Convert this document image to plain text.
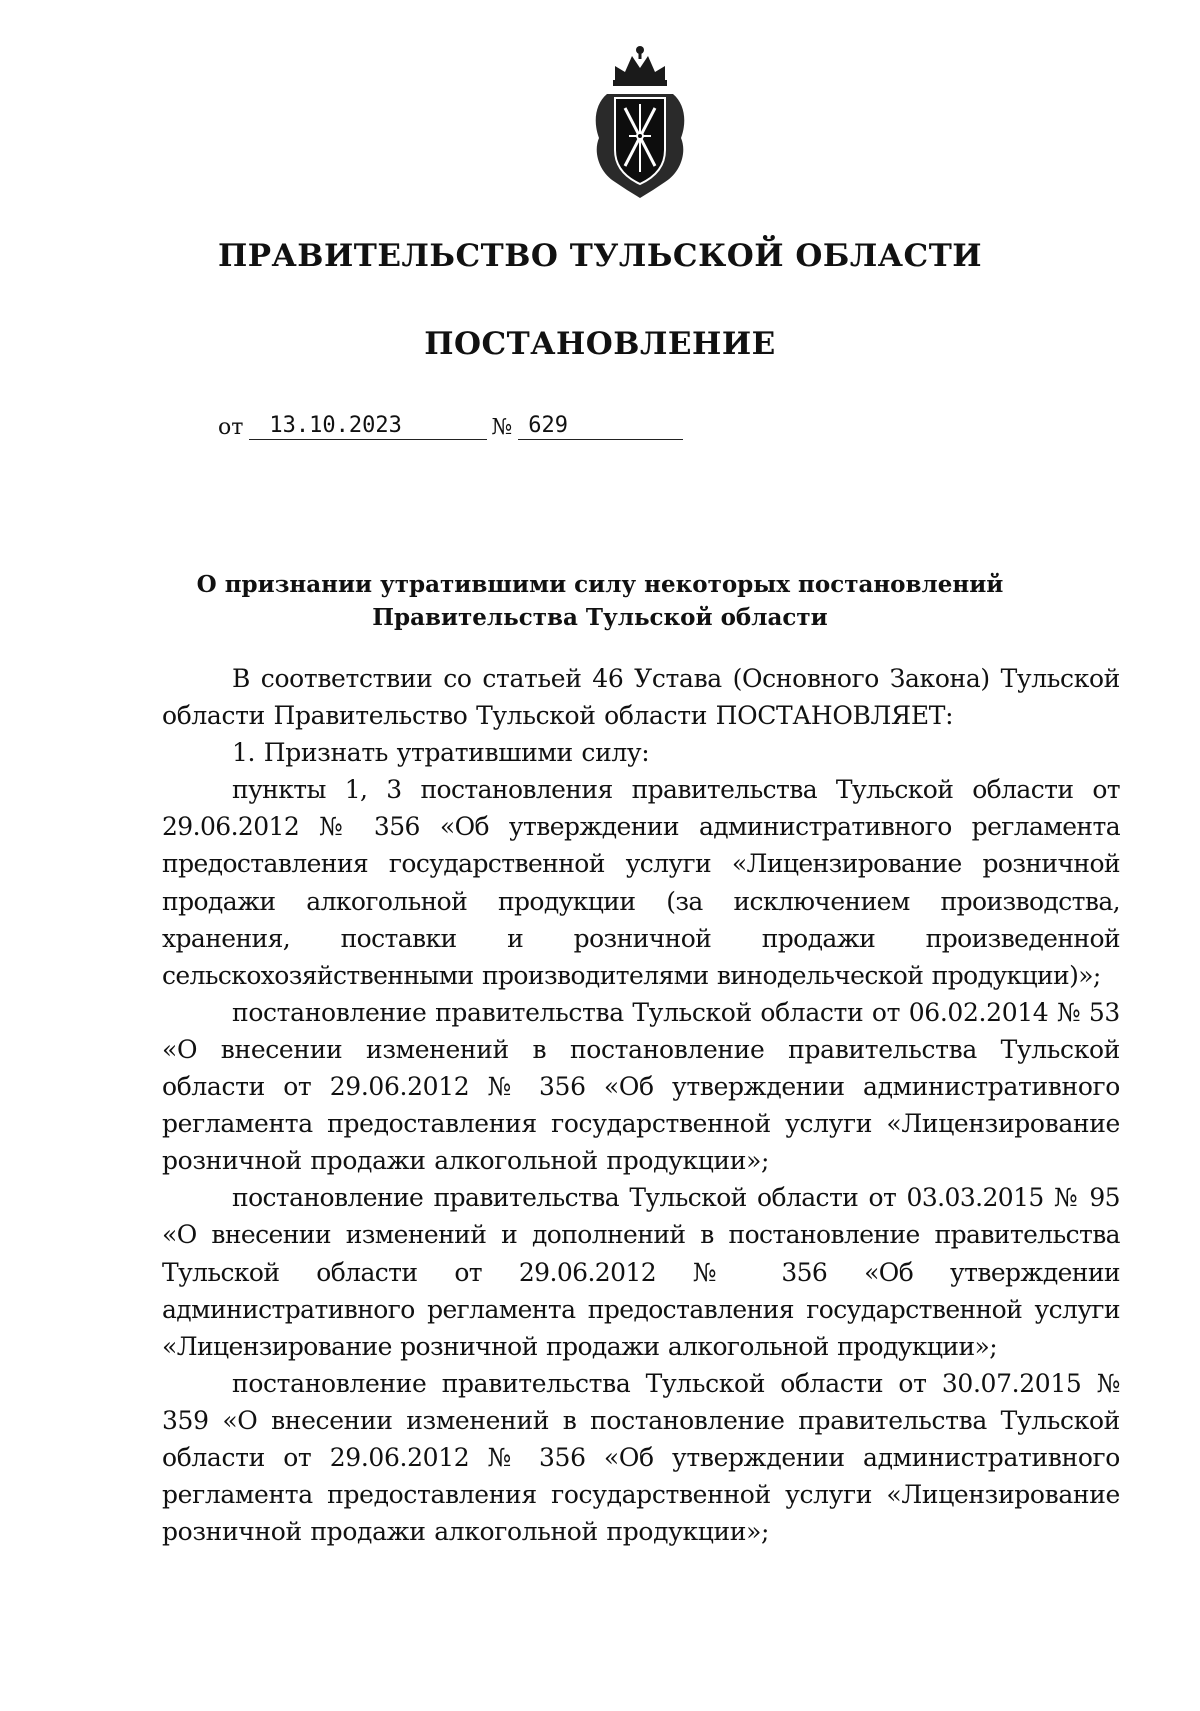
ПРАВИТЕЛЬСТВО ТУЛЬСКОЙ ОБЛАСТИ
ПОСТАНОВЛЕНИЕ
от	13.10.2023	№ 629
О признании утратившими силу некоторых постановлений
Правительства Тульской области

В соответствии со статьей 46 Устава (Основного Закона) Тульской области Правительство Тульской области ПОСТАНОВЛЯЕТ:

1. Признать утратившими силу:

пункты 1, 3 постановления правительства Тульской области от 29.06.2012 № 356 «Об утверждении административного регламента предоставления государственной услуги «Лицензирование розничной продажи алкогольной продукции (за исключением производства, хранения, поставки и розничной продажи произведенной сельскохозяйственными производителями винодельческой продукции)»;

постановление правительства Тульской области от 06.02.2014 № 53 «О внесении изменений в постановление правительства Тульской области от 29.06.2012 № 356 «Об утверждении административного регламента предоставления государственной услуги «Лицензирование розничной продажи алкогольной продукции»;

постановление правительства Тульской области от 03.03.2015 № 95 «О внесении изменений и дополнений в постановление правительства Тульской области от 29.06.2012 № 356 «Об утверждении административного регламента предоставления государственной услуги «Лицензирование розничной продажи алкогольной продукции»;

постановление правительства Тульской области от 30.07.2015 № 359 «О внесении изменений в постановление правительства Тульской области от 29.06.2012 № 356 «Об утверждении административного регламента предоставления государственной услуги «Лицензирование розничной продажи алкогольной продукции»;
